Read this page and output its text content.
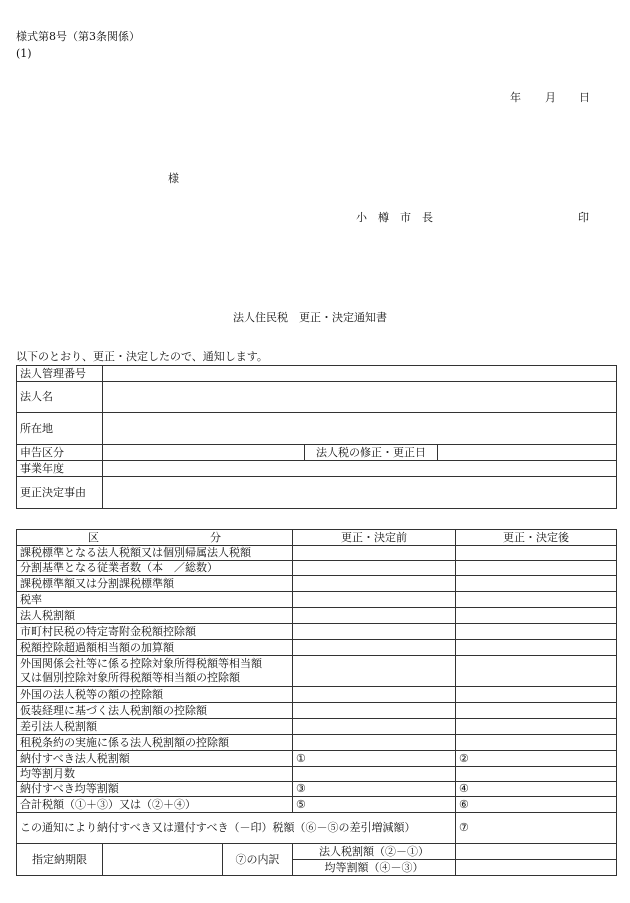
様式第8号（第3条関係）
(1)
年 月 日
様
小　樽　市　長	印
法人住民税　更正・決定通知書
以下のとおり、更正・決定したので、通知します。
法人管理番号			
法人名			
所在地			
申告区分		法人税の修正・更正日	
事業年度			
更正決定事由			
区 分			更正・決定前	更正・決定後
課税標準となる法人税額又は個別帰属法人税額				
分割基準となる従業者数（本　／総数）				
課税標準額又は分割課税標準額				
税率				
法人税割額				
市町村民税の特定寄附金税額控除額				
税額控除超過額相当額の加算額				
外国関係会社等に係る控除対象所得税額等相当額
又は個別控除対象所得税額等相当額の控除額				
外国の法人税等の額の控除額				
仮装経理に基づく法人税割額の控除額				
差引法人税割額				
租税条約の実施に係る法人税割額の控除額				
納付すべき法人税割額			①	②
均等割月数				
納付すべき均等割額			③	④
合計税額（①＋③）又は（②＋④）			⑤	⑥
この通知により納付すべき又は還付すべき（－印）税額（⑥－⑤の差引増減額）				⑦
指定納期限		⑦の内訳	法人税割額（②－①）	
			均等割額（④－③）	
